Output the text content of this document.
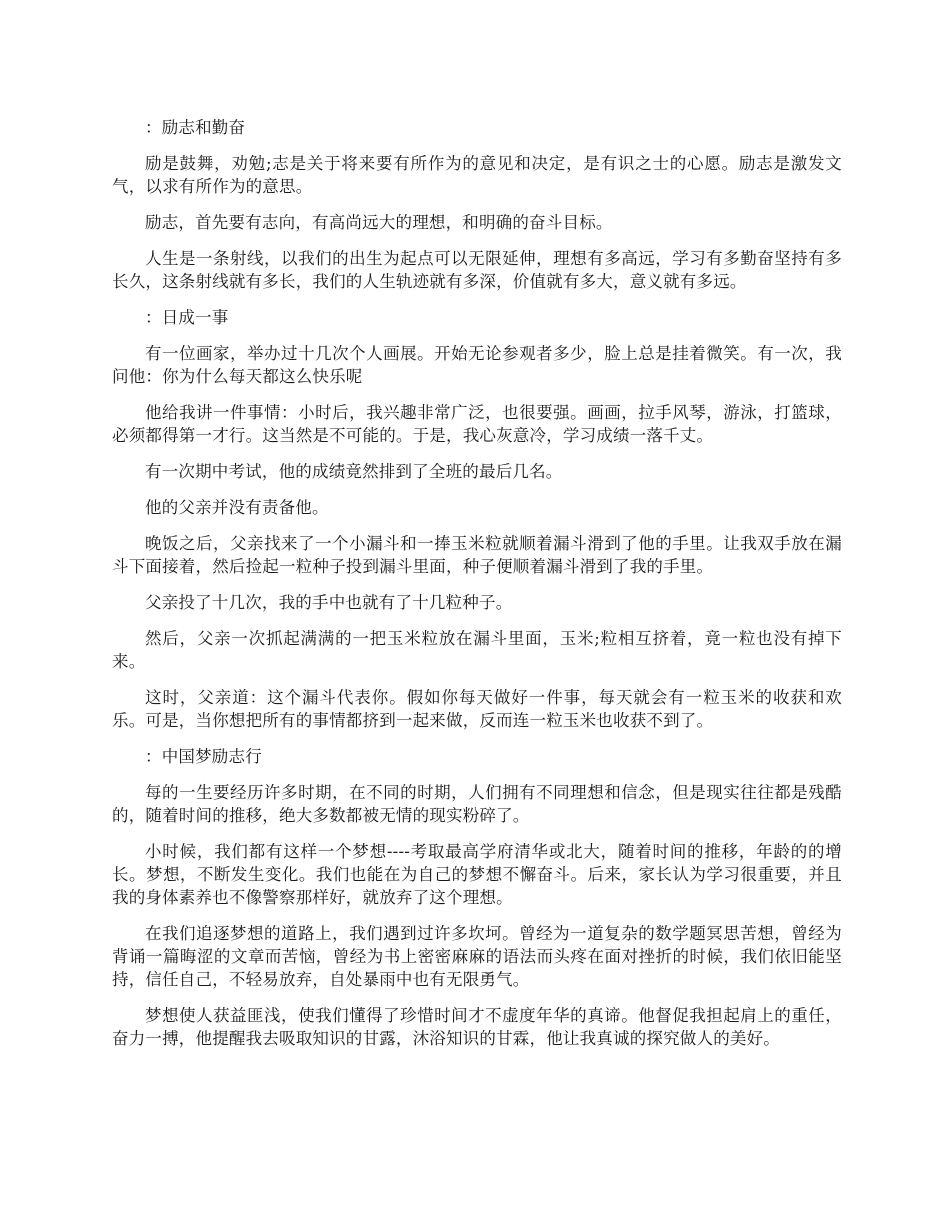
：励志和勤奋

励是鼓舞，劝勉;志是关于将来要有所作为的意见和决定，是有识之士的心愿。励志是激发文气，以求有所作为的意思。

励志，首先要有志向，有高尚远大的理想，和明确的奋斗目标。

人生是一条射线，以我们的出生为起点可以无限延伸，理想有多高远，学习有多勤奋坚持有多长久，这条射线就有多长，我们的人生轨迹就有多深，价值就有多大，意义就有多远。

：日成一事

有一位画家，举办过十几次个人画展。开始无论参观者多少，脸上总是挂着微笑。有一次，我问他：你为什么每天都这么快乐呢

他给我讲一件事情：小时后，我兴趣非常广泛，也很要强。画画，拉手风琴，游泳，打篮球，必须都得第一才行。这当然是不可能的。于是，我心灰意冷，学习成绩一落千丈。

有一次期中考试，他的成绩竟然排到了全班的最后几名。

他的父亲并没有责备他。

晚饭之后，父亲找来了一个小漏斗和一捧玉米粒就顺着漏斗滑到了他的手里。让我双手放在漏斗下面接着，然后捡起一粒种子投到漏斗里面，种子便顺着漏斗滑到了我的手里。

父亲投了十几次，我的手中也就有了十几粒种子。

然后，父亲一次抓起满满的一把玉米粒放在漏斗里面，玉米;粒相互挤着，竟一粒也没有掉下来。

这时，父亲道：这个漏斗代表你。假如你每天做好一件事，每天就会有一粒玉米的收获和欢乐。可是，当你想把所有的事情都挤到一起来做，反而连一粒玉米也收获不到了。

：中国梦励志行

每的一生要经历许多时期，在不同的时期，人们拥有不同理想和信念，但是现实往往都是残酷的，随着时间的推移，绝大多数都被无情的现实粉碎了。

小时候，我们都有这样一个梦想----考取最高学府清华或北大，随着时间的推移，年龄的的增长。梦想，不断发生变化。我们也能在为自己的梦想不懈奋斗。后来，家长认为学习很重要，并且我的身体素养也不像警察那样好，就放弃了这个理想。

在我们追逐梦想的道路上，我们遇到过许多坎坷。曾经为一道复杂的数学题冥思苦想，曾经为背诵一篇晦涩的文章而苦恼，曾经为书上密密麻麻的语法而头疼在面对挫折的时候，我们依旧能坚持，信任自己，不轻易放弃，自处暴雨中也有无限勇气。

梦想使人获益匪浅，使我们懂得了珍惜时间才不虚度年华的真谛。他督促我担起肩上的重任，奋力一搏，他提醒我去吸取知识的甘露，沐浴知识的甘霖，他让我真诚的探究做人的美好。
